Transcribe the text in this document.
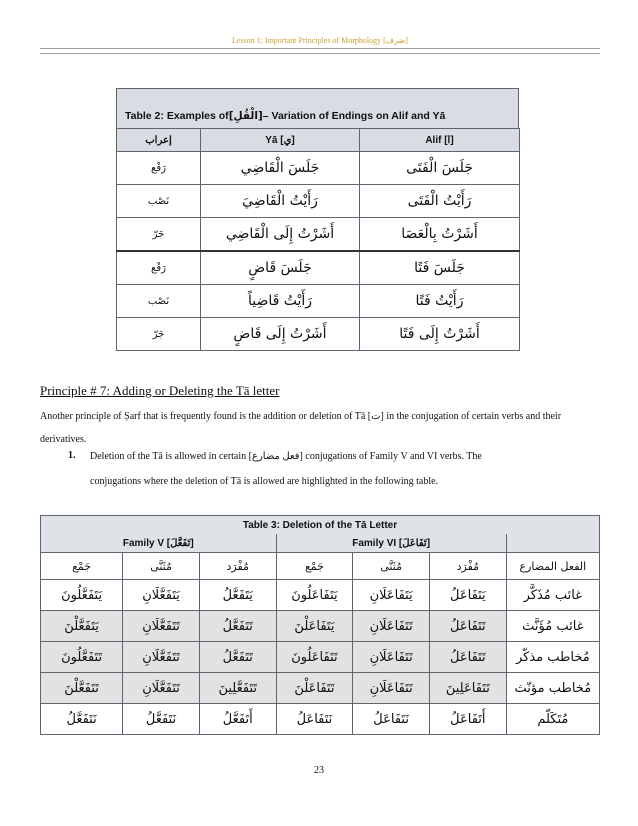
Lesson 1: Important Principles of Morphology [صَرف]
Table 2: Examples of [الْقُلِ] – Variation of Endings on Alif and Yā
إعراب	Yā [ي]	Alif [ا]
رَفْع	جَلَسَ الْقَاضِي	جَلَسَ الْفَتَى
نَصْب	رَأَيْتُ الْقَاضِيَ	رَأَيْتُ الْفَتَى
جَرّ	أَشَرْتُ إِلَى الْقَاضِي	أَشَرْتُ بِالْعَصَا
رَفْع	جَلَسَ قَاضٍ	جَلَسَ فَتًا
نَصْب	رَأَيْتُ قَاضِياً	رَأَيْتُ فَتًا
جَرّ	أَشَرْتُ إِلَى قَاضٍ	أَشَرْتُ إِلَى فَتًا
Principle # 7: Adding or Deleting the Tā letter
Another principle of Ṣarf that is frequently found is the addition or deletion of Tā [ت] in the conjugation of certain verbs and their derivatives.
1. Deletion of the Tā is allowed in certain [فعل مضارع] conjugations of Family V and VI verbs. The
conjugations where the deletion of Tā is allowed are highlighted in the following table.
Table 3: Deletion of the Tā Letter						
Family V [تَفَعَّلَ]			Family VI [تَفَاعَلَ]			
جَمْع	مُثَنَّى	مُفْرَد	جَمْع	مُثَنَّى	مُفْرَد	الفعل المضارع
يَتَفَعَّلُونَ	يَتَفَعَّلَانِ	يَتَفَعَّلُ	يَتَفَاعَلُونَ	يَتَفَاعَلَانِ	يَتَفَاعَلُ	غائب مُذَكَّر
يَتَفَعَّلْنَ	تَتَفَعَّلَانِ	تَتَفَعَّلُ	يَتَفَاعَلْنَ	تَتَفَاعَلَانِ	تَتَفَاعَلُ	غائب مُؤَنَّث
تَتَفَعَّلُونَ	تَتَفَعَّلَانِ	تَتَفَعَّلُ	تَتَفَاعَلُونَ	تَتَفَاعَلَانِ	تَتَفَاعَلُ	مُخاطب مذكّر
تَتَفَعَّلْنَ	تَتَفَعَّلَانِ	تَتَفَعَّلِينَ	تَتَفَاعَلْنَ	تَتَفَاعَلَانِ	تَتَفَاعَلِينَ	مُخاطب مؤنّث
نَتَفَعَّلُ	نَتَفَعَّلُ	أَتَفَعَّلُ	نَتَفَاعَلُ	نَتَفَاعَلُ	أَتَفَاعَلُ	مُتَكَلّم
23
